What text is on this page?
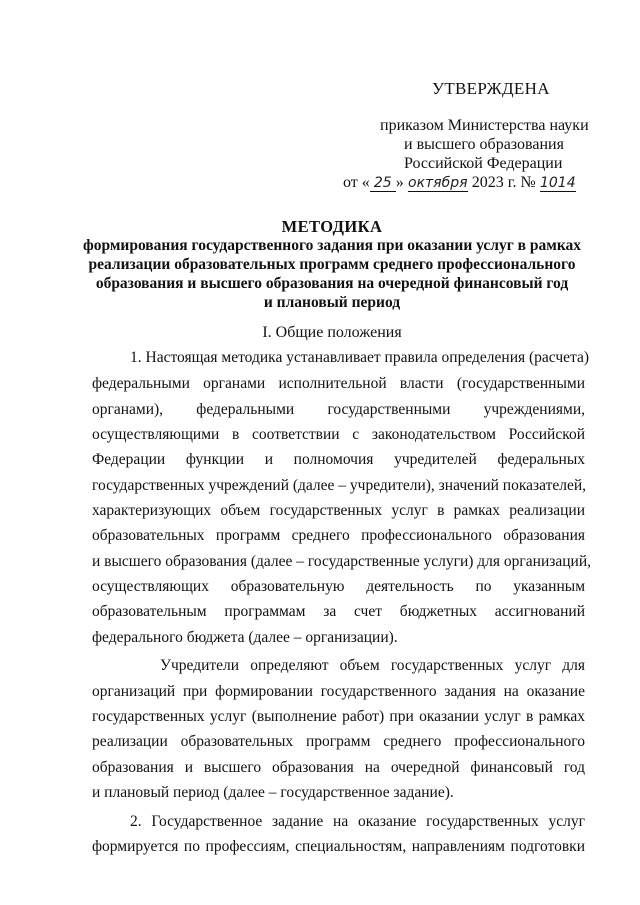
УТВЕРЖДЕНА
приказом Министерства науки
и высшего образования
Российской Федерации
от « 25 » октября 2023 г. № 1014
МЕТОДИКА
формирования государственного задания при оказании услуг в рамках
реализации образовательных программ среднего профессионального
образования и высшего образования на очередной финансовый год
и плановый период
I. Общие положения
1. Настоящая методика устанавливает правила определения (расчета)
федеральными органами исполнительной власти (государственными
органами), федеральными государственными учреждениями,
осуществляющими в соответствии с законодательством Российской
Федерации функции и полномочия учредителей федеральных
государственных учреждений (далее – учредители), значений показателей,
характеризующих объем государственных услуг в рамках реализации
образовательных программ среднего профессионального образования
и высшего образования (далее – государственные услуги) для организаций,
осуществляющих образовательную деятельность по указанным
образовательным программам за счет бюджетных ассигнований
федерального бюджета (далее – организации).
Учредители определяют объем государственных услуг для
организаций при формировании государственного задания на оказание
государственных услуг (выполнение работ) при оказании услуг в рамках
реализации образовательных программ среднего профессионального
образования и высшего образования на очередной финансовый год
и плановый период (далее – государственное задание).
2. Государственное задание на оказание государственных услуг
формируется по профессиям, специальностям, направлениям подготовки
